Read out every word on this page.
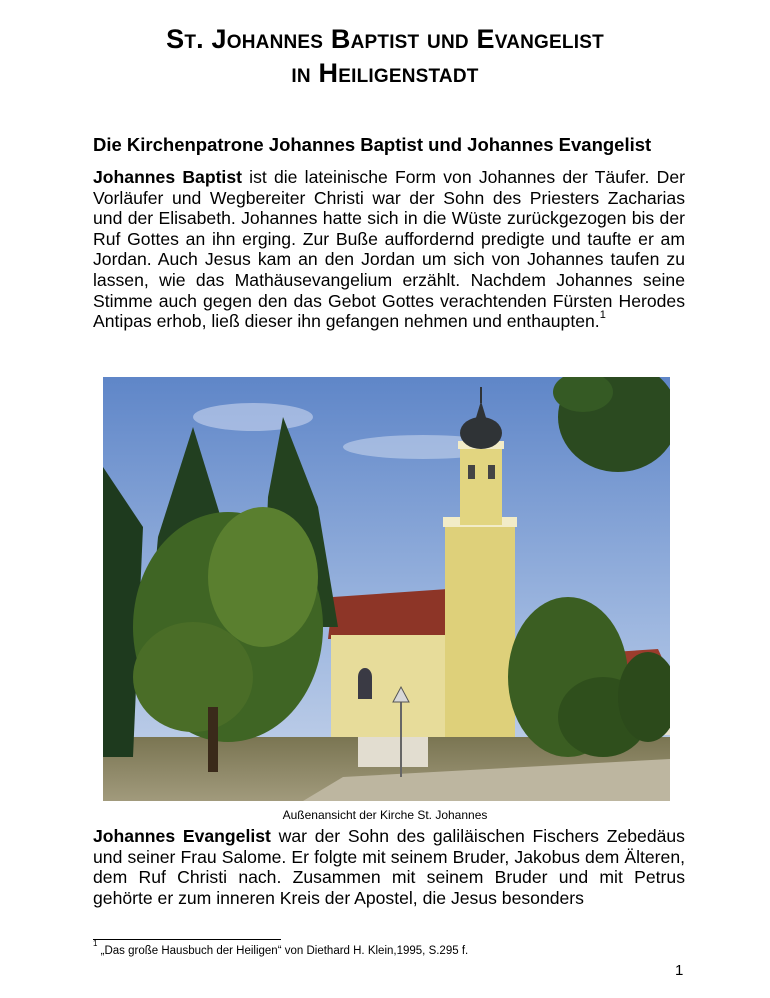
St. Johannes Baptist und Evangelist
in Heiligenstadt
Die Kirchenpatrone Johannes Baptist und Johannes Evangelist
Johannes Baptist ist die lateinische Form von Johannes der Täufer. Der Vorläufer und Wegbereiter Christi war der Sohn des Priesters Zacharias und der Elisabeth. Johannes hatte sich in die Wüste zurückgezogen bis der Ruf Gottes an ihn erging. Zur Buße auffordernd predigte und taufte er am Jordan. Auch Jesus kam an den Jordan um sich von Johannes taufen zu lassen, wie das Mathäusevangelium erzählt. Nachdem Johannes seine Stimme auch gegen den das Gebot Gottes verachtenden Fürsten Herodes Antipas erhob, ließ dieser ihn gefangen nehmen und enthaupten.$^1$
Außenansicht der Kirche St. Johannes
Johannes Evangelist war der Sohn des galiläischen Fischers Zebedäus und seiner Frau Salome. Er folgte mit seinem Bruder, Jakobus dem Älteren, dem Ruf Christi nach. Zusammen mit seinem Bruder und mit Petrus gehörte er zum inneren Kreis der Apostel, die Jesus besonders
$^1$ „Das große Hausbuch der Heiligen“ von Diethard H. Klein,1995, S.295 f.
1
